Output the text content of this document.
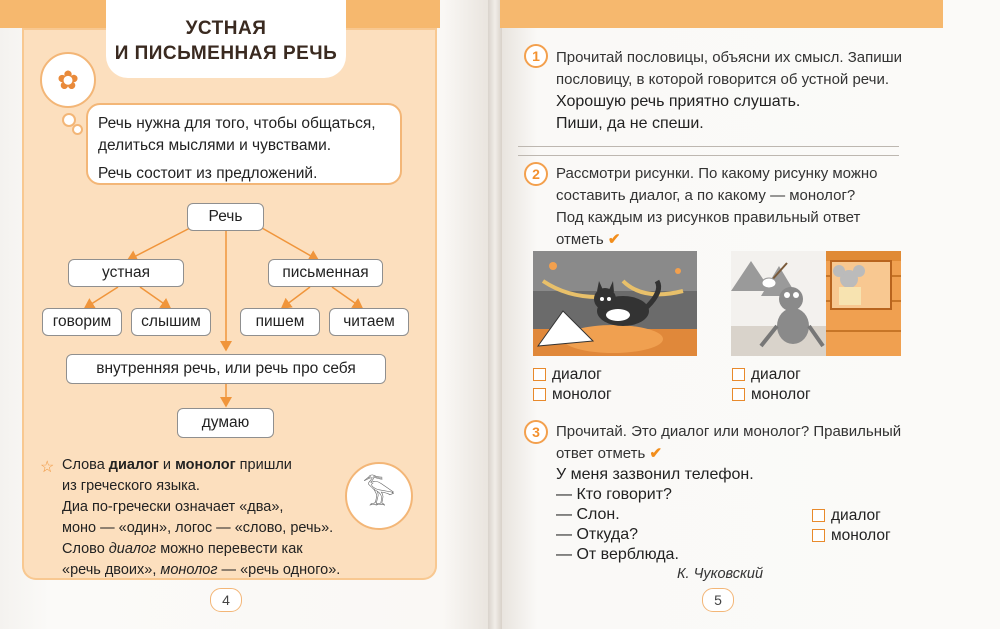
УСТНАЯ
И ПИСЬМЕННАЯ РЕЧЬ
✿

Речь нужна для того, чтобы общаться, делиться мыслями и чувствами.

Речь состоит из предложений.

Речь
устная	письменная
говорим	слышим	пишем	читаем
внутренняя речь, или речь про себя
думаю
☆ Слова диалог и монолог пришли
из греческого языка.
Диа по-гречески означает «два»,
моно — «один», логос — «слово, речь».
Слово диалог можно перевести как
«речь двоих», монолог — «речь одного».
𓅣
4
1	Прочитай пословицы, объясни их смысл. Запиши
пословицу, в которой говорится об устной речи.
Хорошую речь приятно слушать.
Пиши, да не спеши.
2	Рассмотри рисунки. По какому рисунку можно
составить диалог, а по какому — монолог?
Под каждым из рисунков правильный ответ
отметь ✔
диалог
монолог
диалог
монолог
3	Прочитай. Это диалог или монолог? Правильный
ответ отметь ✔
У меня зазвонил телефон.
— Кто говорит?
— Слон.
— Откуда?
— От верблюда.
К. Чуковский
диалог
монолог
5
